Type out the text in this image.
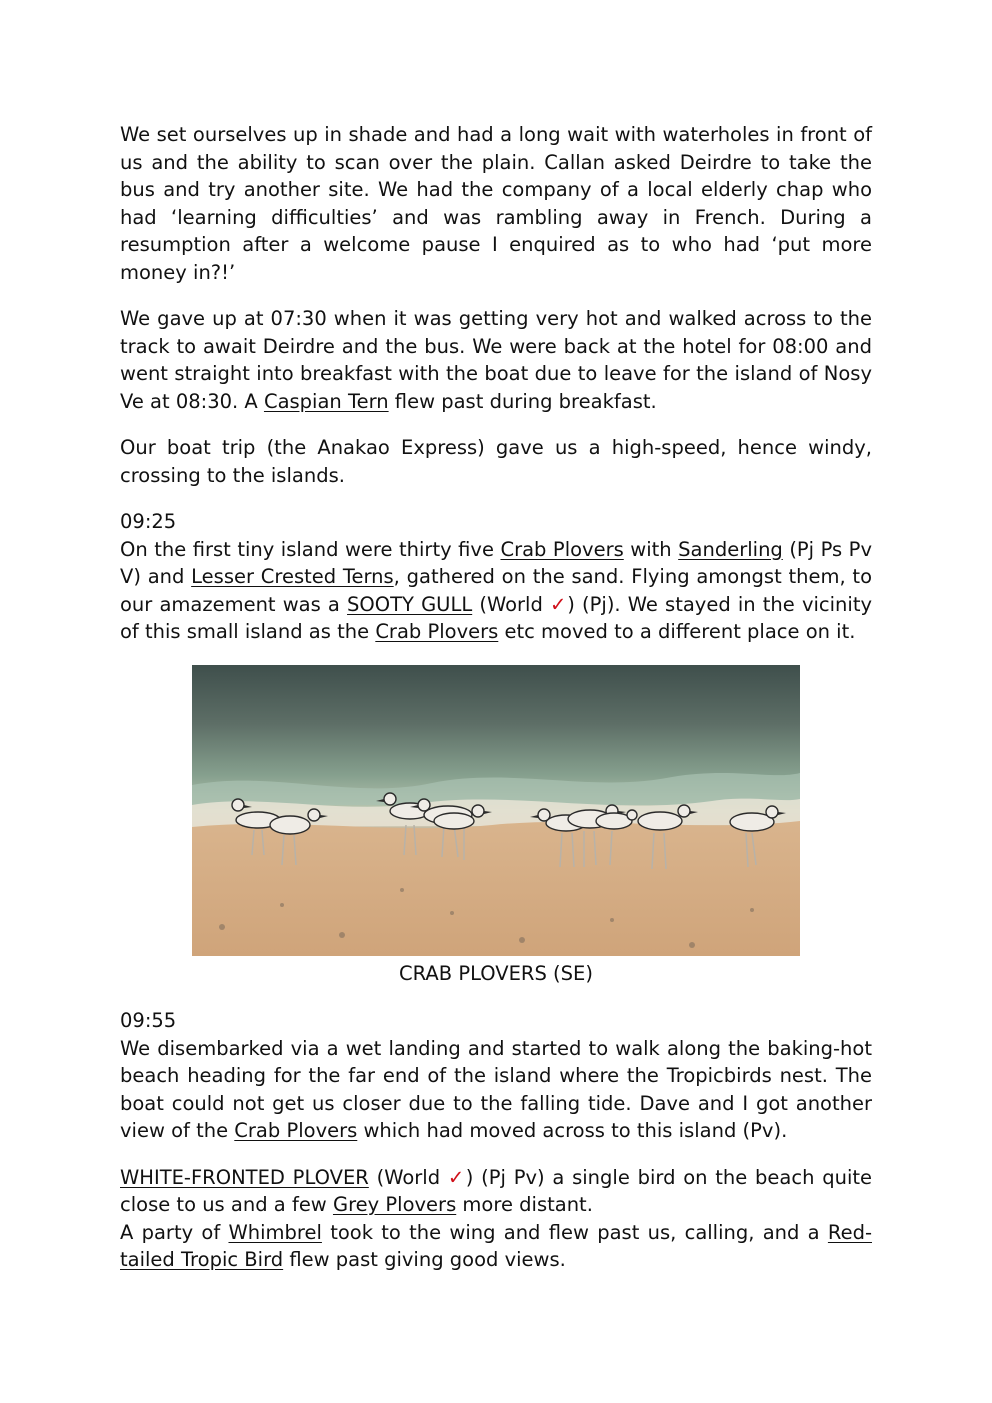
We set ourselves up in shade and had a long wait with waterholes in front of us and the ability to scan over the plain. Callan asked Deirdre to take the bus and try another site. We had the company of a local elderly chap who had ‘learning difficulties’ and was rambling away in French. During a resumption after a welcome pause I enquired as to who had ‘put more money in?!’

We gave up at 07:30 when it was getting very hot and walked across to the track to await Deirdre and the bus. We were back at the hotel for 08:00 and went straight into breakfast with the boat due to leave for the island of Nosy Ve at 08:30. A Caspian Tern flew past during breakfast.

Our boat trip (the Anakao Express) gave us a high-speed, hence windy, crossing to the islands.

09:25

On the first tiny island were thirty five Crab Plovers with Sanderling (Pj Ps Pv V) and Lesser Crested Terns, gathered on the sand. Flying amongst them, to our amazement was a SOOTY GULL (World ✓) (Pj). We stayed in the vicinity of this small island as the Crab Plovers etc moved to a different place on it.

CRAB PLOVERS (SE)
09:55

We disembarked via a wet landing and started to walk along the baking-hot beach heading for the far end of the island where the Tropicbirds nest. The boat could not get us closer due to the falling tide. Dave and I got another view of the Crab Plovers which had moved across to this island (Pv).

WHITE-FRONTED PLOVER (World ✓) (Pj Pv) a single bird on the beach quite close to us and a few Grey Plovers more distant.

A party of Whimbrel took to the wing and flew past us, calling, and a Red-tailed Tropic Bird flew past giving good views.
